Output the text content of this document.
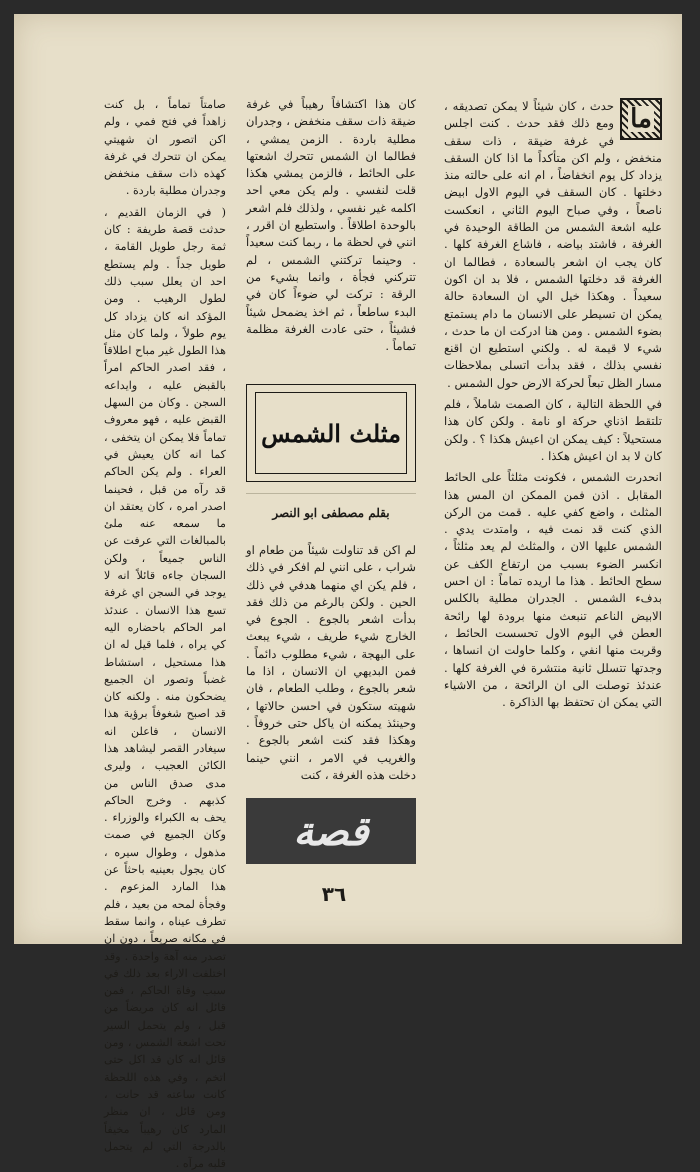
ما

حدث ، كان شيئاً لا يمكن تصديقه ، ومع ذلك فقد حدث . كنت اجلس في غرفة ضيقة ، ذات سقف منخفض ، ولم اكن متأكداً ما اذا كان السقف يزداد كل يوم انخفاضاً ، ام انه على حالته منذ دخلتها . كان السقف في اليوم الاول ابيض ناصعاً ، وفي صباح اليوم الثاني ، انعكست عليه اشعة الشمس من الطاقة الوحيدة في الغرفة ، فاشتد بياضه ، فاشاع الغرفة كلها . كان يجب ان اشعر بالسعادة ، فطالما ان الغرفة قد دخلتها الشمس ، فلا بد ان اكون سعيداً . وهكذا خيل الي ان السعادة حالة يمكن ان تسيطر على الانسان ما دام يستمتع بضوء الشمس . ومن هنا ادركت ان ما حدث ، شيء لا قيمة له . ولكني استطيع ان اقنع نفسي بذلك ، فقد بدأت اتسلى بملاحظات مسار الظل تبعاً لحركة الارض حول الشمس .

في اللحظة التالية ، كان الصمت شاملاً ، فلم تلتقط اذناي حركة او نامة . ولكن كان هذا مستحيلاً : كيف يمكن ان اعيش هكذا ؟ . ولكن كان لا بد ان اعيش هكذا .

انحدرت الشمس ، فكونت مثلثاً على الحائط المقابل . اذن فمن الممكن ان المس هذا المثلث ، واضع كفي عليه . قمت من الركن الذي كنت قد نمت فيه ، وامتدت يدي . الشمس عليها الان ، والمثلث لم يعد مثلثاً ، انكسر الضوء بسبب من ارتفاع الكف عن سطح الحائط . هذا ما اريده تماماً : ان احس بدفء الشمس . الجدران مطلية بالكلس الابيض الناعم تنبعث منها برودة لها رائحة العطن في اليوم الاول تحسست الحائط ، وقربت منها انفي ، وكلما حاولت ان انساها ، وجدتها تتسلل ثانية منتشرة في الغرفة كلها . عندئذ توصلت الى ان الرائحة ، من الاشياء التي يمكن ان تحتفظ بها الذاكرة .

كان هذا اكتشافاً رهيباً في غرفة ضيقة ذات سقف منخفض ، وجدران مطلية باردة . الزمن يمشي ، فطالما ان الشمس تتحرك اشعتها على الحائط ، فالزمن يمشي هكذا قلت لنفسي . ولم يكن معي احد اكلمه غير نفسي ، ولذلك فلم اشعر بالوحدة اطلاقاً . واستطيع ان اقرر ، انني في لحظة ما ، ربما كنت سعيداً . وحينما تركتني الشمس ، لم تتركني فجأة ، وانما بشيء من الرقة : تركت لي ضوءاً كان في البدء ساطعاً ، ثم اخذ يضمحل شيئاً فشيئاً ، حتى عادت الغرفة مظلمة تماماً .

مثلث الشمس
بقلم مصطفى ابو النصر

لم اكن قد تناولت شيئاً من طعام او شراب ، على انني لم افكر في ذلك ، فلم يكن اي منهما هدفي في ذلك الحين . ولكن بالرغم من ذلك فقد بدأت اشعر بالجوع . الجوع في الخارج شيء طريف ، شيء يبعث على البهجة ، شيء مطلوب دائماً . فمن البديهي ان الانسان ، اذا ما شعر بالجوع ، وطلب الطعام ، فان شهيته ستكون في احسن حالاتها ، وحينئذ يمكنه ان ياكل حتى خروفاً . وهكذا فقد كنت اشعر بالجوع . والغريب في الامر ، انني حينما دخلت هذه الغرفة ، كنت

قصة

صامتاً تماماً ، بل كنت زاهداً في فتح فمي ، ولم اكن اتصور ان شهيتي يمكن ان تتحرك في غرفة كهذه ذات سقف منخفض وجدران مطلية باردة .

( في الزمان القديم ، حدثت قصة طريفة : كان ثمة رجل طويل القامة ، طويل جداً . ولم يستطع احد ان يعلل سبب ذلك لطول الرهيب . ومن المؤكد انه كان يزداد كل يوم طولاً ، ولما كان مثل هذا الطول غير مباح اطلاقاً ، فقد اصدر الحاكم امراً بالقبض عليه ، وايداعه السجن . وكان من السهل القبض عليه ، فهو معروف تماماً فلا يمكن ان يتخفى ، كما انه كان يعيش في العراء . ولم يكن الحاكم قد رآه من قبل ، فحينما اصدر امره ، كان يعتقد ان ما سمعه عنه ملئ بالمبالغات التي عرفت عن الناس جميعاً ، ولكن السجان جاءه قائلاً انه لا يوجد في السجن اي غرفة تسع هذا الانسان . عندئذ امر الحاكم باحضاره اليه كي يراه ، فلما قيل له ان هذا مستحيل ، استشاط غضباً وتصور ان الجميع يضحكون منه . ولكنه كان قد اصبح شغوفاً برؤية هذا الانسان ، فاعلن انه سيغادر القصر ليشاهد هذا الكائن العجيب ، وليرى مدى صدق الناس من كذبهم . وخرج الحاكم يحف به الكبراء والوزراء . وكان الجميع في صمت مذهول ، وطوال سيره ، كان يجول بعينيه باحثاً عن هذا المارد المزعوم . وفجأة لمحه من بعيد ، فلم تطرف عيناه ، وانما سقط في مكانه صريعاً ، دون ان تصدر منه آهة واحدة . وقد اختلفت الاراء بعد ذلك في سبب وفاة الحاكم ، فمن قائل انه كان مريضاً من قبل ، ولم يتحمل السير تحت اشعة الشمس ، ومن قائل انه كان قد اكل حتى اتخم ، وفي هذه اللحظة كانت ساعته قد حانت ، ومن قائل ، ان منظر المارد كان رهيباً مخيفاً بالدرجة التي لم يتحمل قلبه مرآه .

٣٦
